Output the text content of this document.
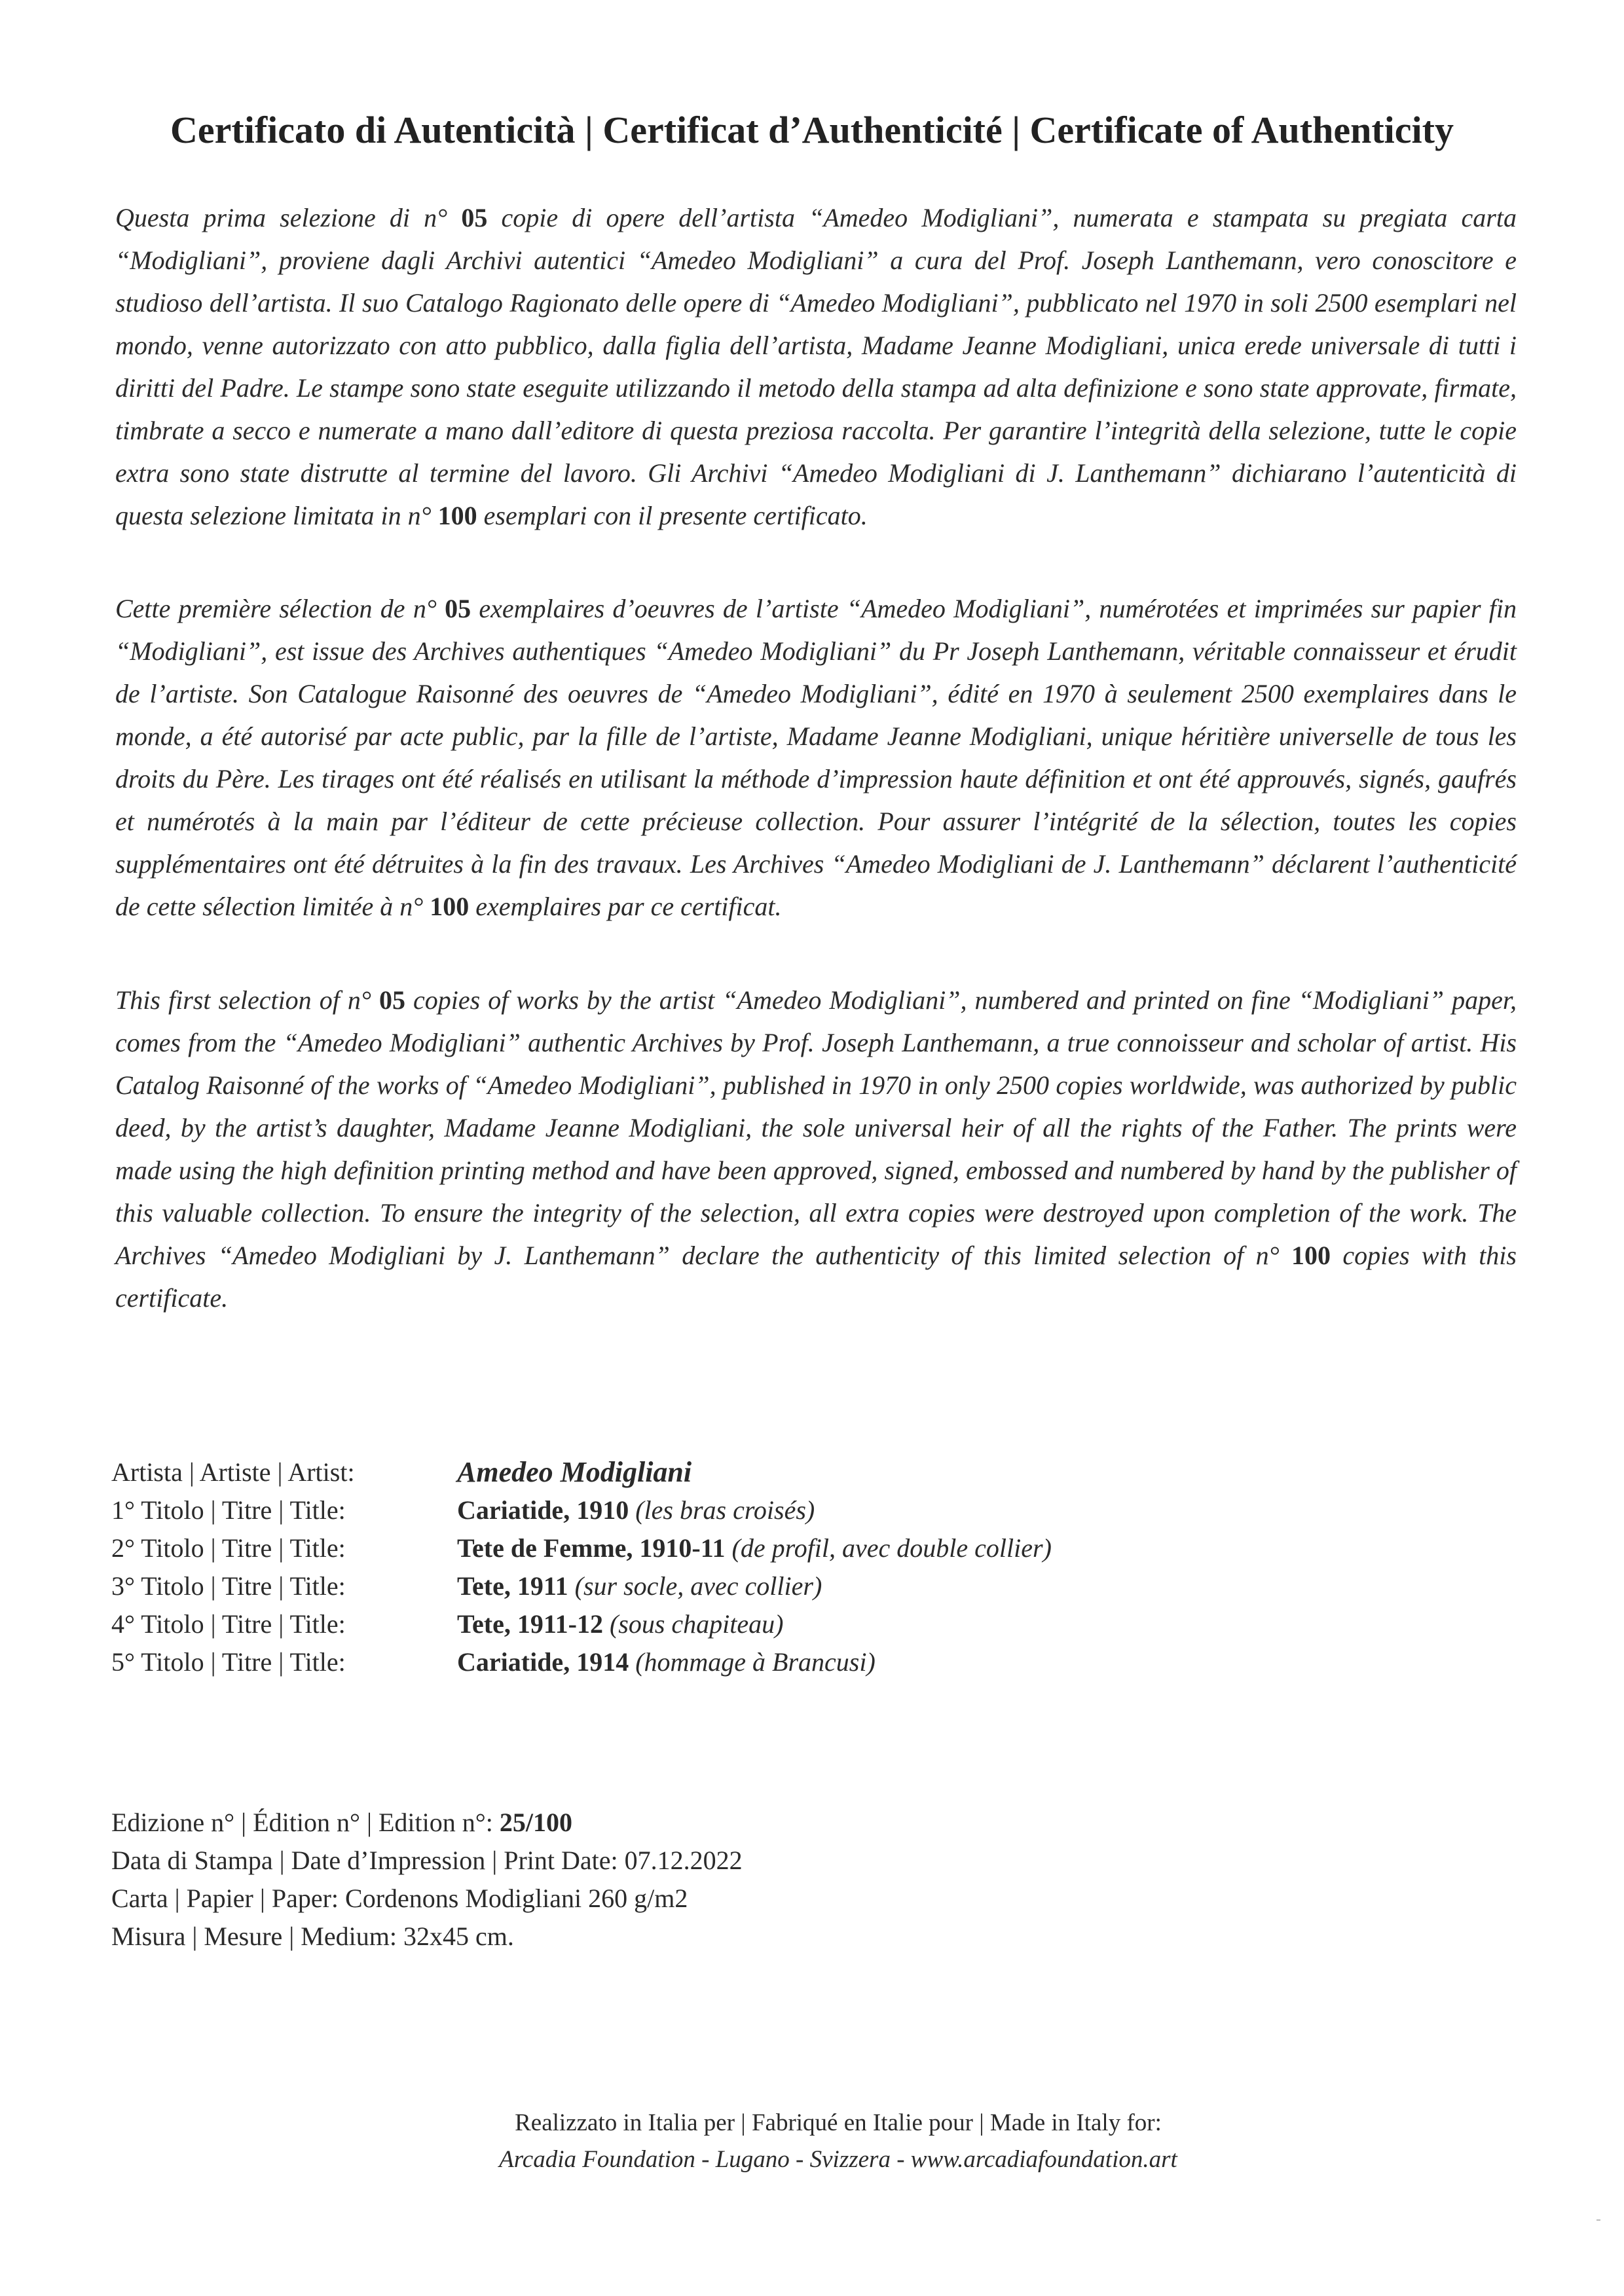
Certificato di Autenticità | Certificat d’Authenticité | Certificate of Authenticity
Questa prima selezione di n° 05 copie di opere dell’artista “Amedeo Modigliani”, numerata e stampata su pregiata carta “Modigliani”, proviene dagli Archivi autentici “Amedeo Modigliani” a cura del Prof. Joseph Lanthemann, vero conoscitore e studioso dell’artista. Il suo Catalogo Ragionato delle opere di “Amedeo Modigliani”, pubblicato nel 1970 in soli 2500 esemplari nel mondo, venne autorizzato con atto pubblico, dalla figlia dell’artista, Madame Jeanne Modigliani, unica erede universale di tutti i diritti del Padre. Le stampe sono state eseguite utilizzando il metodo della stampa ad alta definizione e sono state approvate, firmate, timbrate a secco e numerate a mano dall’editore di questa preziosa raccolta. Per garantire l’integrità della selezione, tutte le copie extra sono state distrutte al termine del lavoro. Gli Archivi “Amedeo Modigliani di J. Lanthemann” dichiarano l’autenticità di questa selezione limitata in n° 100 esemplari con il presente certificato.
Cette première sélection de n° 05 exemplaires d’oeuvres de l’artiste “Amedeo Modigliani”, numérotées et imprimées sur papier fin “Modigliani”, est issue des Archives authentiques “Amedeo Modigliani” du Pr Joseph Lanthemann, véritable connaisseur et érudit de l’artiste. Son Catalogue Raisonné des oeuvres de “Amedeo Modigliani”, édité en 1970 à seulement 2500 exemplaires dans le monde, a été autorisé par acte public, par la fille de l’artiste, Madame Jeanne Modigliani, unique héritière universelle de tous les droits du Père. Les tirages ont été réalisés en utilisant la méthode d’impression haute définition et ont été approuvés, signés, gaufrés et numérotés à la main par l’éditeur de cette précieuse collection. Pour assurer l’intégrité de la sélection, toutes les copies supplémentaires ont été détruites à la fin des travaux. Les Archives “Amedeo Modigliani de J. Lanthemann” déclarent l’authenticité de cette sélection limitée à n° 100 exemplaires par ce certificat.
This first selection of n° 05 copies of works by the artist “Amedeo Modigliani”, numbered and printed on fine “Modigliani” paper, comes from the “Amedeo Modigliani” authentic Archives by Prof. Joseph Lanthemann, a true connoisseur and scholar of artist. His Catalog Raisonné of the works of “Amedeo Modigliani”, published in 1970 in only 2500 copies worldwide, was authorized by public deed, by the artist’s daughter, Madame Jeanne Modigliani, the sole universal heir of all the rights of the Father. The prints were made using the high definition printing method and have been approved, signed, embossed and numbered by hand by the publisher of this valuable collection. To ensure the integrity of the selection, all extra copies were destroyed upon completion of the work. The Archives “Amedeo Modigliani by J. Lanthemann” declare the authenticity of this limited selection of n° 100 copies with this certificate.
Artista | Artiste | Artist:	Amedeo Modigliani
1° Titolo | Titre | Title:	Cariatide, 1910 (les bras croisés)
2° Titolo | Titre | Title:	Tete de Femme, 1910-11 (de profil, avec double collier)
3° Titolo | Titre | Title:	Tete, 1911 (sur socle, avec collier)
4° Titolo | Titre | Title:	Tete, 1911-12 (sous chapiteau)
5° Titolo | Titre | Title:	Cariatide, 1914 (hommage à Brancusi)
Edizione n° | Édition n° | Edition n°: 25/100
Data di Stampa | Date d’Impression | Print Date: 07.12.2022
Carta | Papier | Paper: Cordenons Modigliani 260 g/m2
Misura | Mesure | Medium: 32x45 cm.
Realizzato in Italia per | Fabriqué en Italie pour | Made in Italy for:
Arcadia Foundation - Lugano - Svizzera - www.arcadiafoundation.art
